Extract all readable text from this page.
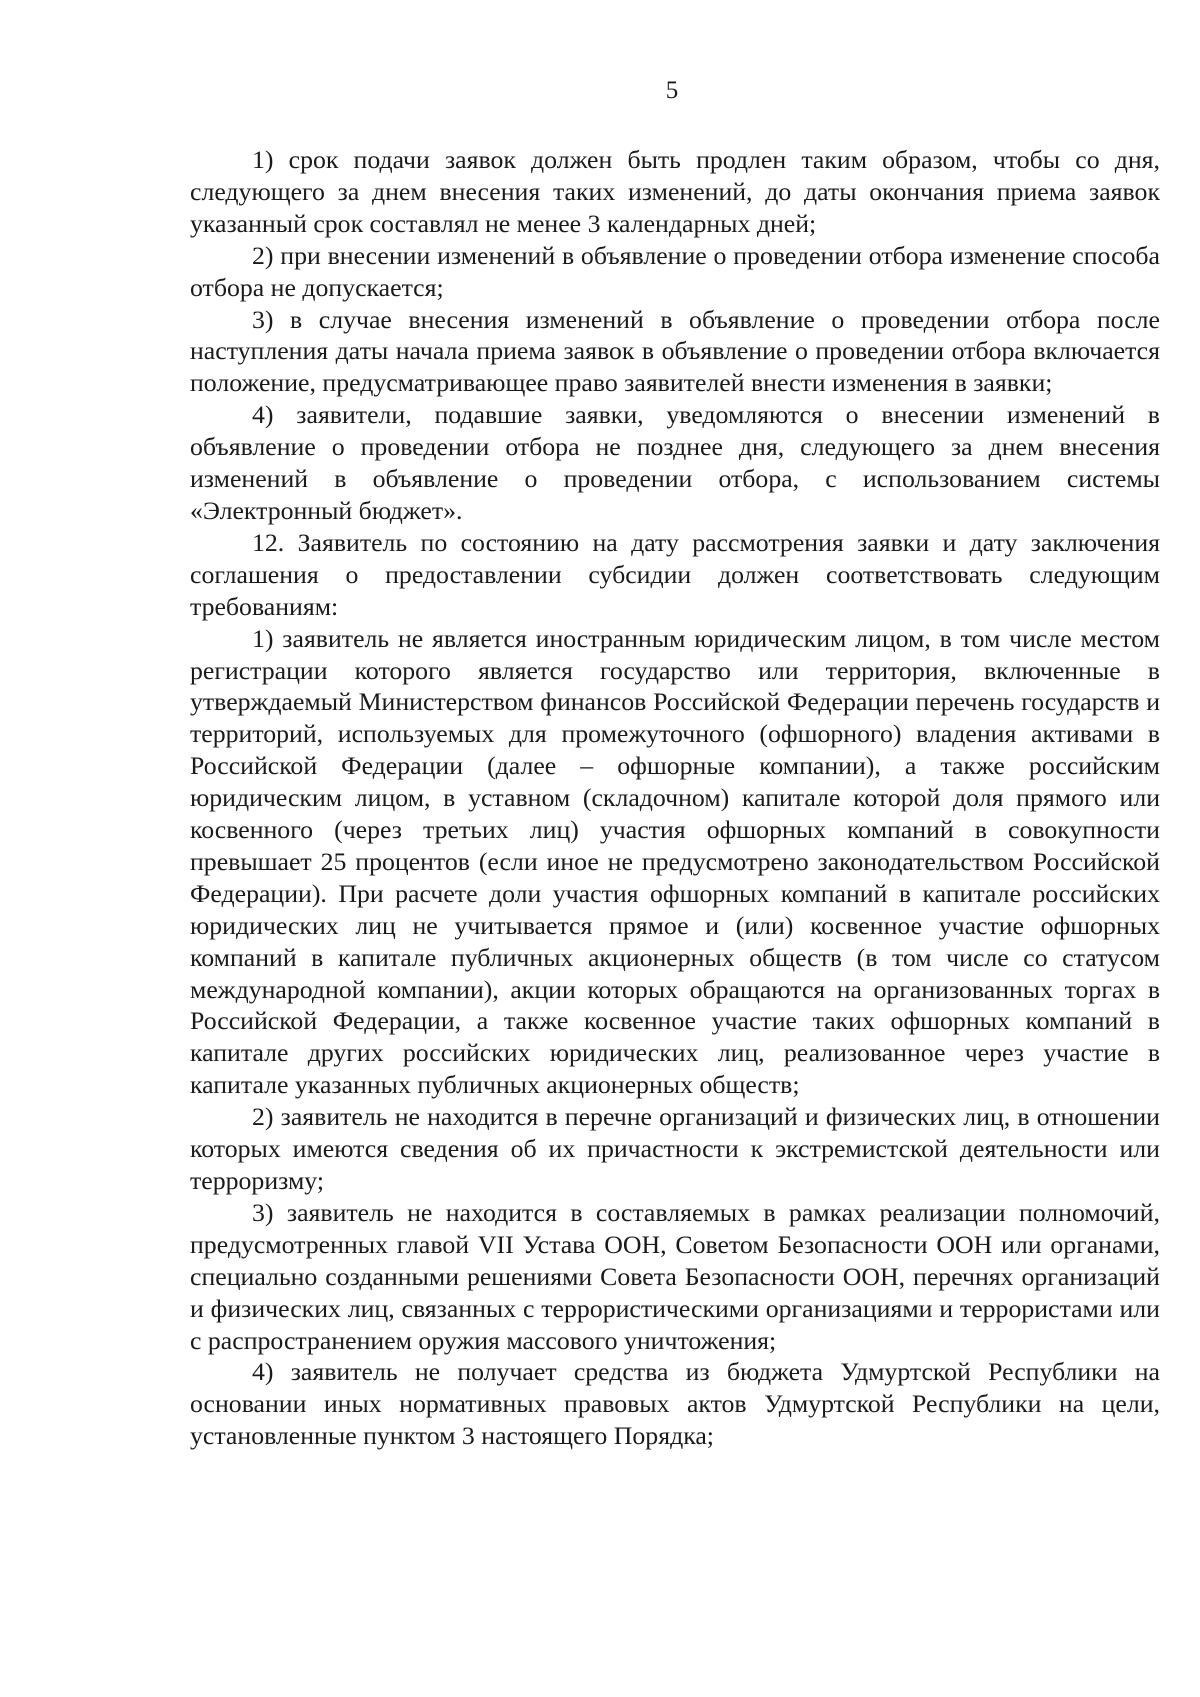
5

1) срок подачи заявок должен быть продлен таким образом, чтобы со дня, следующего за днем внесения таких изменений, до даты окончания приема заявок указанный срок составлял не менее 3 календарных дней;

2) при внесении изменений в объявление о проведении отбора изменение способа отбора не допускается;

3) в случае внесения изменений в объявление о проведении отбора после наступления даты начала приема заявок в объявление о проведении отбора включается положение, предусматривающее право заявителей внести изменения в заявки;

4) заявители, подавшие заявки, уведомляются о внесении изменений в объявление о проведении отбора не позднее дня, следующего за днем внесения изменений в объявление о проведении отбора, с использованием системы «Электронный бюджет».

12. Заявитель по состоянию на дату рассмотрения заявки и дату заключения соглашения о предоставлении субсидии должен соответствовать следующим требованиям:

1) заявитель не является иностранным юридическим лицом, в том числе местом регистрации которого является государство или территория, включенные в утверждаемый Министерством финансов Российской Федерации перечень государств и территорий, используемых для промежуточного (офшорного) владения активами в Российской Федерации (далее – офшорные компании), а также российским юридическим лицом, в уставном (складочном) капитале которой доля прямого или косвенного (через третьих лиц) участия офшорных компаний в совокупности превышает 25 процентов (если иное не предусмотрено законодательством Российской Федерации). При расчете доли участия офшорных компаний в капитале российских юридических лиц не учитывается прямое и (или) косвенное участие офшорных компаний в капитале публичных акционерных обществ (в том числе со статусом международной компании), акции которых обращаются на организованных торгах в Российской Федерации, а также косвенное участие таких офшорных компаний в капитале других российских юридических лиц, реализованное через участие в капитале указанных публичных акционерных обществ;

2) заявитель не находится в перечне организаций и физических лиц, в отношении которых имеются сведения об их причастности к экстремистской деятельности или терроризму;

3) заявитель не находится в составляемых в рамках реализации полномочий, предусмотренных главой VII Устава ООН, Советом Безопасности ООН или органами, специально созданными решениями Совета Безопасности ООН, перечнях организаций и физических лиц, связанных с террористическими организациями и террористами или с распространением оружия массового уничтожения;

4) заявитель не получает средства из бюджета Удмуртской Республики на основании иных нормативных правовых актов Удмуртской Республики на цели, установленные пунктом 3 настоящего Порядка;
